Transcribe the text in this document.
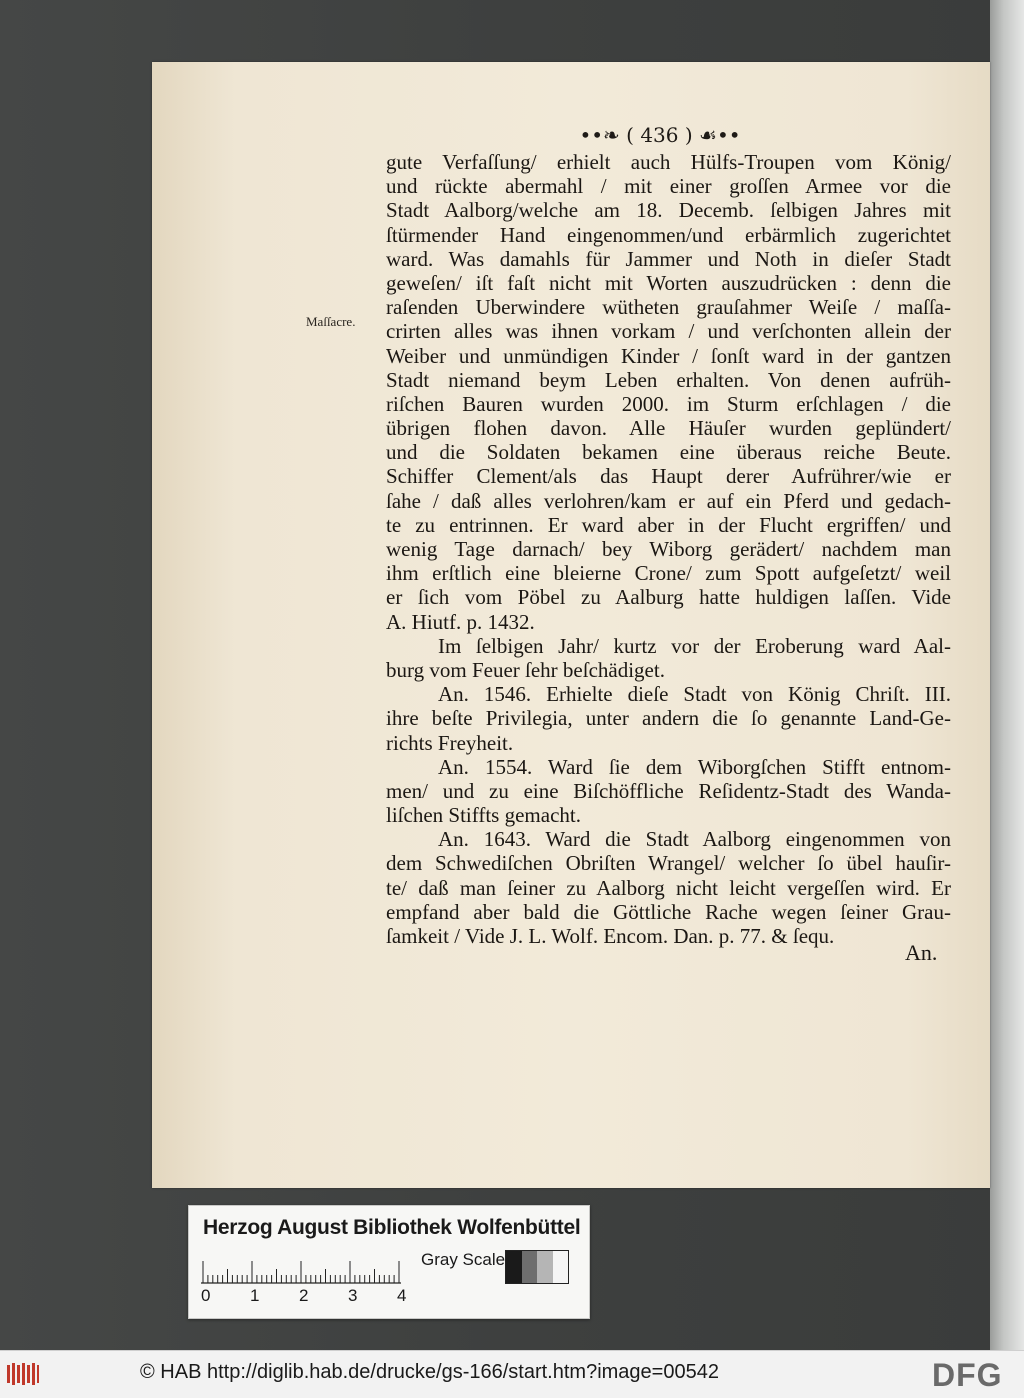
••❧ ( 436 ) ☙••
Maſſacre.
gute Verfaſſung/ erhielt auch Hülfs-Troupen vom König/
und rückte abermahl / mit einer groſſen Armee vor die
Stadt Aalborg/welche am 18. Decemb. ſelbigen Jahres mit
ſtürmender Hand eingenommen/und erbärmlich zugerichtet
ward. Was damahls für Jammer und Noth in dieſer Stadt
geweſen/ iſt faſt nicht mit Worten auszudrücken : denn die
raſenden Uberwindere wütheten grauſahmer Weiſe / maſſa-
crirten alles was ihnen vorkam / und verſchonten allein der
Weiber und unmündigen Kinder / ſonſt ward in der gantzen
Stadt niemand beym Leben erhalten. Von denen aufrüh-
riſchen Bauren wurden 2000. im Sturm erſchlagen / die
übrigen flohen davon. Alle Häuſer wurden geplündert/
und die Soldaten bekamen eine überaus reiche Beute.
Schiffer Clement/als das Haupt derer Aufrührer/wie er
ſahe / daß alles verlohren/kam er auf ein Pferd und gedach-
te zu entrinnen. Er ward aber in der Flucht ergriffen/ und
wenig Tage darnach/ bey Wiborg gerädert/ nachdem man
ihm erſtlich eine bleierne Crone/ zum Spott aufgeſetzt/ weil
er ſich vom Pöbel zu Aalburg hatte huldigen laſſen. Vide
A. Hiutf. p. 1432.
Im ſelbigen Jahr/ kurtz vor der Eroberung ward Aal-
burg vom Feuer ſehr beſchädiget.
An. 1546. Erhielte dieſe Stadt von König Chriſt. III.
ihre beſte Privilegia, unter andern die ſo genannte Land-Ge-
richts Freyheit.
An. 1554. Ward ſie dem Wiborgſchen Stifft entnom-
men/ und zu eine Biſchöffliche Reſidentz-Stadt des Wanda-
liſchen Stiffts gemacht.
An. 1643. Ward die Stadt Aalborg eingenommen von
dem Schwediſchen Obriſten Wrangel/ welcher ſo übel hauſir-
te/ daß man ſeiner zu Aalborg nicht leicht vergeſſen wird. Er
empfand aber bald die Göttliche Rache wegen ſeiner Grau-
ſamkeit / Vide J. L. Wolf. Encom. Dan. p. 77. & ſequ.
An.
Herzog August Bibliothek Wolfenbüttel
Gray Scale
0 1 2 3 4
© HAB http://diglib.hab.de/drucke/gs-166/start.htm?image=00542	DFG
